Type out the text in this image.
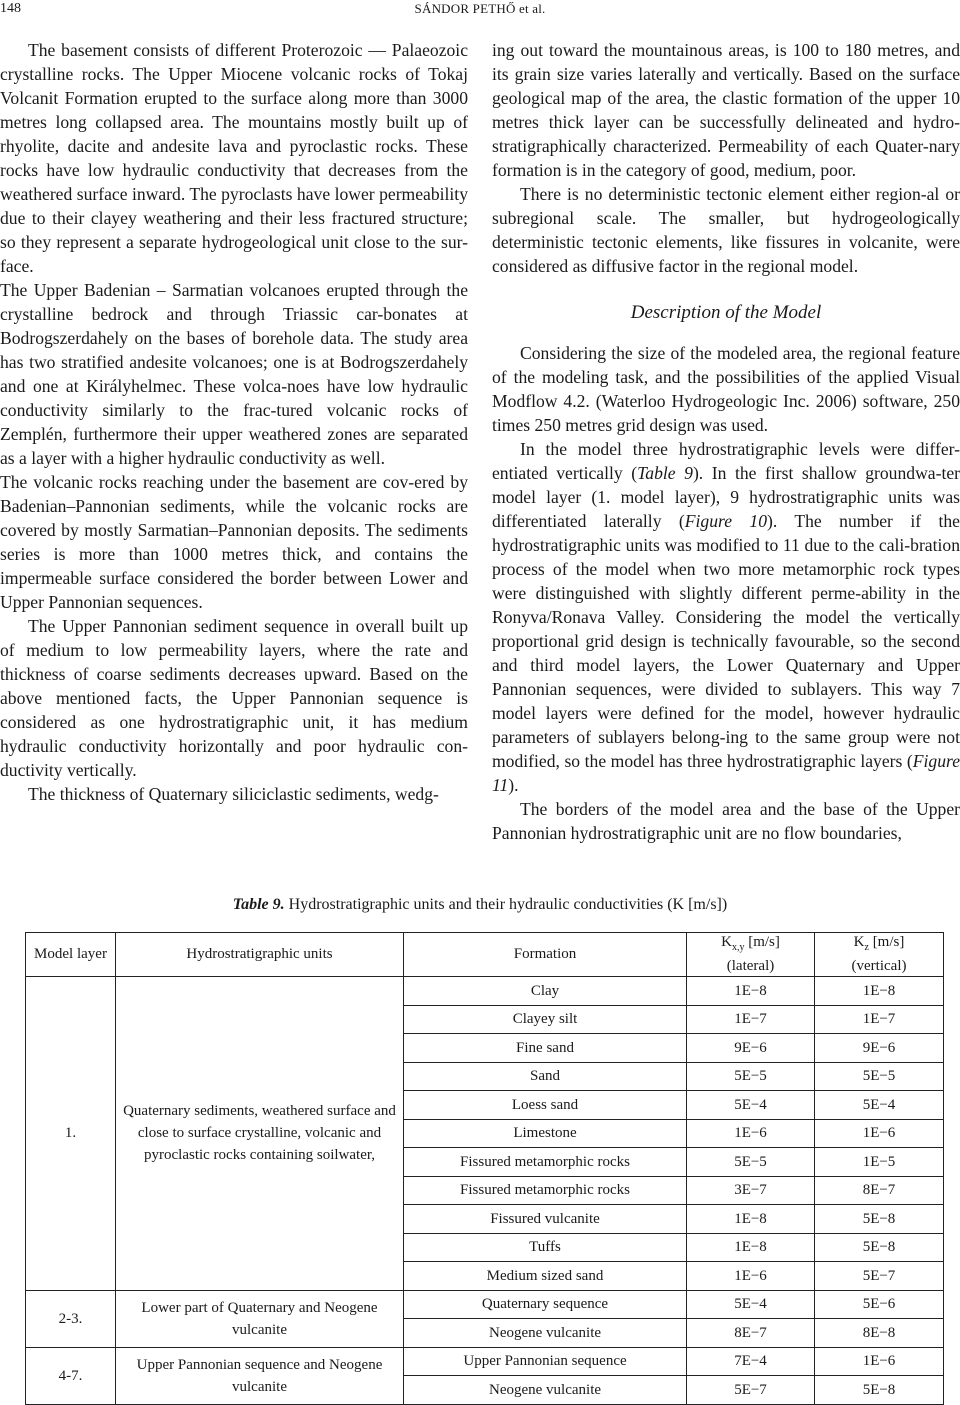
148	SÁNDOR PETHŐ et al.

The basement consists of different Proterozoic — Palaeozoic crystalline rocks. The Upper Miocene volcanic rocks of Tokaj Volcanit Formation erupted to the surface along more than 3000 metres long collapsed area. The mountains mostly built up of rhyolite, dacite and andesite lava and pyroclastic rocks. These rocks have low hydraulic conductivity that decreases from the weathered surface inward. The pyroclasts have lower permeability due to their clayey weathering and their less fractured structure; so they represent a separate hydrogeological unit close to the sur-face.

The Upper Badenian – Sarmatian volcanoes erupted through the crystalline bedrock and through Triassic car-bonates at Bodrogszerdahely on the bases of borehole data. The study area has two stratified andesite volcanoes; one is at Bodrogszerdahely and one at Királyhelmec. These volca-noes have low hydraulic conductivity similarly to the frac-tured volcanic rocks of Zemplén, furthermore their upper weathered zones are separated as a layer with a higher hydraulic conductivity as well.

The volcanic rocks reaching under the basement are cov-ered by Badenian–Pannonian sediments, while the volcanic rocks are covered by mostly Sarmatian–Pannonian deposits. The sediments series is more than 1000 metres thick, and contains the impermeable surface considered the border between Lower and Upper Pannonian sequences.

The Upper Pannonian sediment sequence in overall built up of medium to low permeability layers, where the rate and thickness of coarse sediments decreases upward. Based on the above mentioned facts, the Upper Pannonian sequence is considered as one hydrostratigraphic unit, it has medium hydraulic conductivity horizontally and poor hydraulic con-ductivity vertically.

The thickness of Quaternary siliciclastic sediments, wedg-

ing out toward the mountainous areas, is 100 to 180 metres, and its grain size varies laterally and vertically. Based on the surface geological map of the area, the clastic formation of the upper 10 metres thick layer can be successfully delineated and hydro-stratigraphically characterized. Permeability of each Quater-nary formation is in the category of good, medium, poor.

There is no deterministic tectonic element either region-al or subregional scale. The smaller, but hydrogeologically deterministic tectonic elements, like fissures in volcanite, were considered as diffusive factor in the regional model.

Description of the Model

Considering the size of the modeled area, the regional feature of the modeling task, and the possibilities of the applied Visual Modflow 4.2. (Waterloo Hydrogeologic Inc. 2006) software, 250 times 250 metres grid design was used.

In the model three hydrostratigraphic levels were differ-entiated vertically (Table 9). In the first shallow groundwa-ter model layer (1. model layer), 9 hydrostratigraphic units was differentiated laterally (Figure 10). The number if the hydrostratigraphic units was modified to 11 due to the cali-bration process of the model when two more metamorphic rock types were distinguished with slightly different perme-ability in the Ronyva/Ronava Valley. Considering the model the vertically proportional grid design is technically favourable, so the second and third model layers, the Lower Quaternary and Upper Pannonian sequences, were divided to sublayers. This way 7 model layers were defined for the model, however hydraulic parameters of sublayers belong-ing to the same group were not modified, so the model has three hydrostratigraphic layers (Figure 11).

The borders of the model area and the base of the Upper Pannonian hydrostratigraphic unit are no flow boundaries,

Table 9. Hydrostratigraphic units and their hydraulic conductivities (K [m/s])
Model layer	Hydrostratigraphic units	Formation	$K_{x,y}$ [m/s]
(lateral)	$K_z$ [m/s]
(vertical)
1.	Quaternary sediments, weathered surface and close to surface crystalline, volcanic and pyroclastic rocks containing soilwater,	Clay	1E−8	1E−8
		Clayey silt	1E−7	1E−7
		Fine sand	9E−6	9E−6
		Sand	5E−5	5E−5
		Loess sand	5E−4	5E−4
		Limestone	1E−6	1E−6
		Fissured metamorphic rocks	5E−5	1E−5
		Fissured metamorphic rocks	3E−7	8E−7
		Fissured vulcanite	1E−8	5E−8
		Tuffs	1E−8	5E−8
		Medium sized sand	1E−6	5E−7
2-3.	Lower part of Quaternary and Neogene vulcanite	Quaternary sequence	5E−4	5E−6
		Neogene vulcanite	8E−7	8E−8
4-7.	Upper Pannonian sequence and Neogene vulcanite	Upper Pannonian sequence	7E−4	1E−6
		Neogene vulcanite	5E−7	5E−8
